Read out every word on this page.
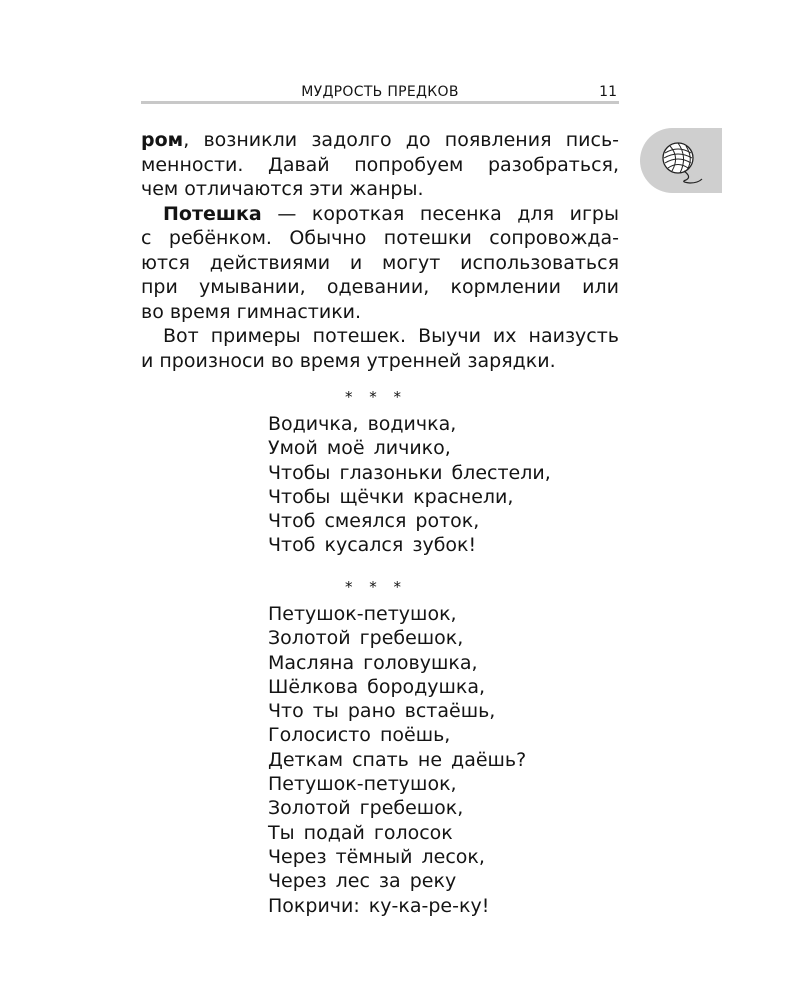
МУДРОСТЬ ПРЕДКОВ	11

ром, возникли задолго до появления пись-
менности. Давай попробуем разобраться,
чем отличаются эти жанры.

Потешка — короткая песенка для игры
с ребёнком. Обычно потешки сопровожда-
ются действиями и могут использоваться
при умывании, одевании, кормлении или
во время гимнастики.

Вот примеры потешек. Выучи их наизусть
и произноси во время утренней зарядки.

* * *
Водичка, водичка,
Умой моё личико,
Чтобы глазоньки блестели,
Чтобы щёчки краснели,
Чтоб смеялся роток,
Чтоб кусался зубок!
* * *
Петушок-петушок,
Золотой гребешок,
Масляна головушка,
Шёлкова бородушка,
Что ты рано встаёшь,
Голосисто поёшь,
Деткам спать не даёшь?
Петушок-петушок,
Золотой гребешок,
Ты подай голосок
Через тёмный лесок,
Через лес за реку
Покричи: ку-ка-ре-ку!
